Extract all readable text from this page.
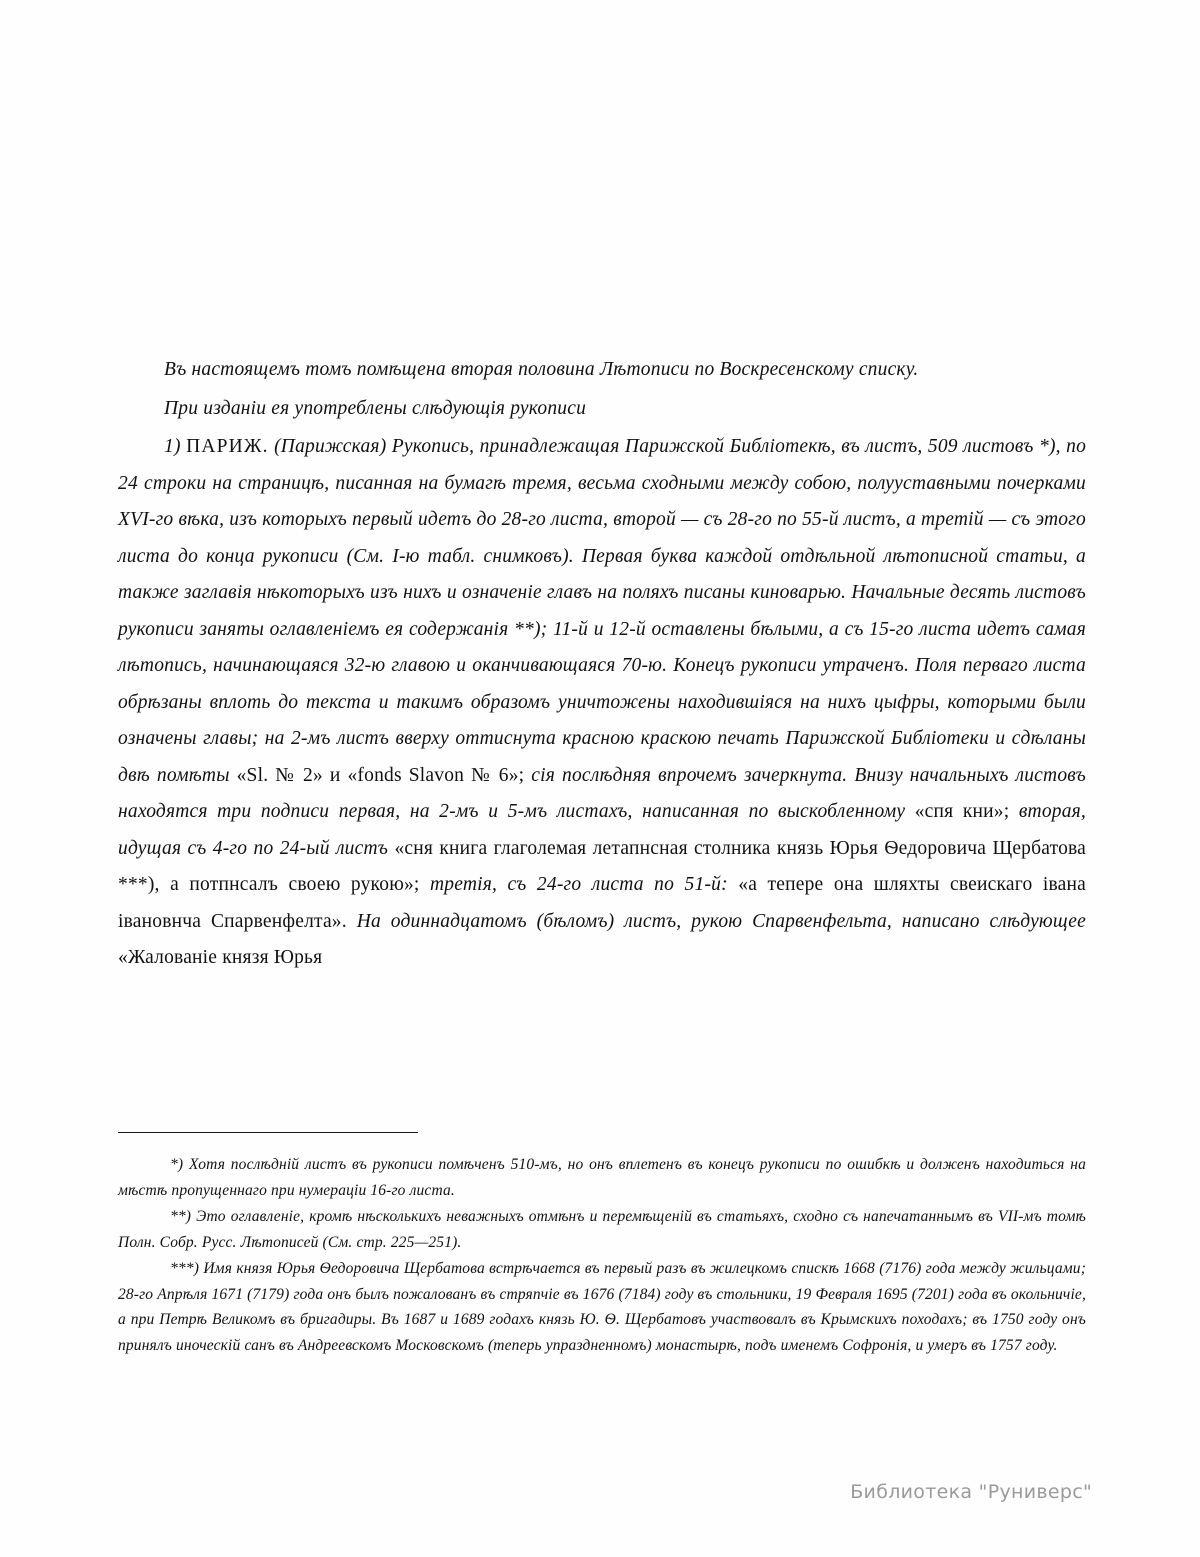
Въ настоящемъ томъ помѣщена вторая половина Лѣтописи по Воскресенскому списку.

При изданiи ея употреблены слѣдующiя рукописи

1) ПАРИЖ. (Парижская) Рукопись, принадлежащая Парижской Библiотекѣ, въ листъ, 509 листовъ *), по 24 строки на страницѣ, писанная на бумагѣ тремя, весьма сходными между собою, полууставными почерками XVI-го вѣка, изъ которыхъ первый идетъ до 28-го листа, второй — съ 28-го по 55-й листъ, а третiй — съ этого листа до конца рукописи (См. I-ю табл. снимковъ). Первая буква каждой отдѣльной лѣтописной статьи, а также заглавiя нѣкоторыхъ изъ нихъ и означенiе главъ на поляхъ писаны киноварью. Начальные десять листовъ рукописи заняты оглавленiемъ ея содержанiя **); 11-й и 12-й оставлены бѣлыми, а съ 15-го листа идетъ самая лѣтопись, начинающаяся 32-ю главою и оканчивающаяся 70-ю. Конецъ рукописи утраченъ. Поля перваго листа обрѣзаны вплоть до текста и такимъ образомъ уничтожены находившiяся на нихъ цыфры, которыми были означены главы; на 2-мъ листъ вверху оттиснута красною краскою печать Парижской Библiотеки и сдѣланы двѣ помѣты «Sl. № 2» и «fonds Slavon № 6»; сiя послѣдняя впрочемъ зачеркнута. Внизу начальныхъ листовъ находятся три подписи первая, на 2-мъ и 5-мъ листахъ, написанная по выскобленному «спя кни»; вторая, идущая съ 4-го по 24-ый листъ «сня книга глаголемая летапнсная столника князь Юрья Ѳедоровича Щербатова ***), а потпнсалъ своею рукою»; третiя, съ 24-го листа по 51-й: «а тепере она шляхты свеискаго iвана iвановнча Спарвенфелта». На одиннадцатомъ (бѣломъ) листъ, рукою Спарвенфельта, написано слѣдующее «Жалованiе князя Юрья

*) Хотя послѣднiй листъ въ рукописи помѣченъ 510-мъ, но онъ вплетенъ въ конецъ рукописи по ошибкѣ и долженъ находиться на мѣстѣ пропущеннаго при нумерацiи 16-го листа.

**) Это оглавленiе, кромѣ нѣсколькихъ неважныхъ отмѣнъ и перемѣщенiй въ статьяхъ, сходно съ напечатаннымъ въ VII-мъ томѣ Полн. Собр. Русс. Лѣтописей (См. стр. 225—251).

***) Имя князя Юрья Ѳедоровича Щербатова встрѣчается въ первый разъ въ жилецкомъ спискѣ 1668 (7176) года между жильцами; 28-го Апрѣля 1671 (7179) года онъ былъ пожалованъ въ стряпчiе въ 1676 (7184) году въ стольники, 19 Февраля 1695 (7201) года въ окольничiе, а при Петрѣ Великомъ въ бригадиры. Въ 1687 и 1689 годахъ князь Ю. Ѳ. Щербатовъ участвовалъ въ Крымскихъ походахъ; въ 1750 году онъ принялъ иноческiй санъ въ Андреевскомъ Московскомъ (теперь упраздненномъ) монастырѣ, подъ именемъ Софронiя, и умеръ въ 1757 году.

Библиотека "Руниверс"
